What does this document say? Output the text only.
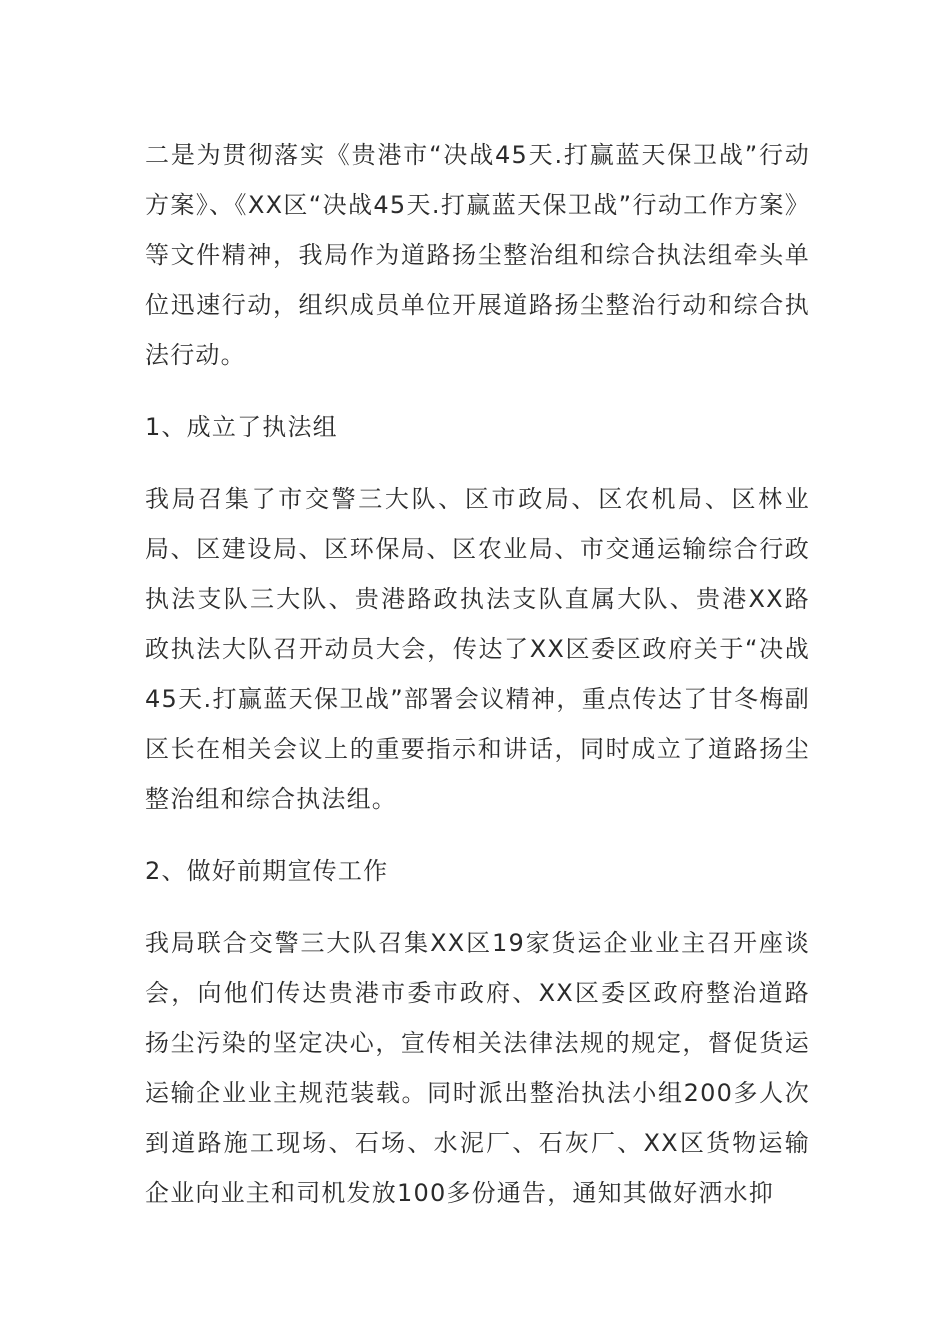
二是为贯彻落实《贵港市“决战45天.打赢蓝天保卫战”行动方案》、《XX区“决战45天.打赢蓝天保卫战”行动工作方案》等文件精神，我局作为道路扬尘整治组和综合执法组牵头单位迅速行动，组织成员单位开展道路扬尘整治行动和综合执法行动。

1、成立了执法组

我局召集了市交警三大队、区市政局、区农机局、区林业局、区建设局、区环保局、区农业局、市交通运输综合行政执法支队三大队、贵港路政执法支队直属大队、贵港XX路政执法大队召开动员大会，传达了XX区委区政府关于“决战45天.打赢蓝天保卫战”部署会议精神，重点传达了甘冬梅副区长在相关会议上的重要指示和讲话，同时成立了道路扬尘整治组和综合执法组。

2、做好前期宣传工作

我局联合交警三大队召集XX区19家货运企业业主召开座谈会，向他们传达贵港市委市政府、XX区委区政府整治道路扬尘污染的坚定决心，宣传相关法律法规的规定，督促货运运输企业业主规范装载。同时派出整治执法小组200多人次到道路施工现场、石场、水泥厂、石灰厂、XX区货物运输企业向业主和司机发放100多份通告，通知其做好洒水抑
